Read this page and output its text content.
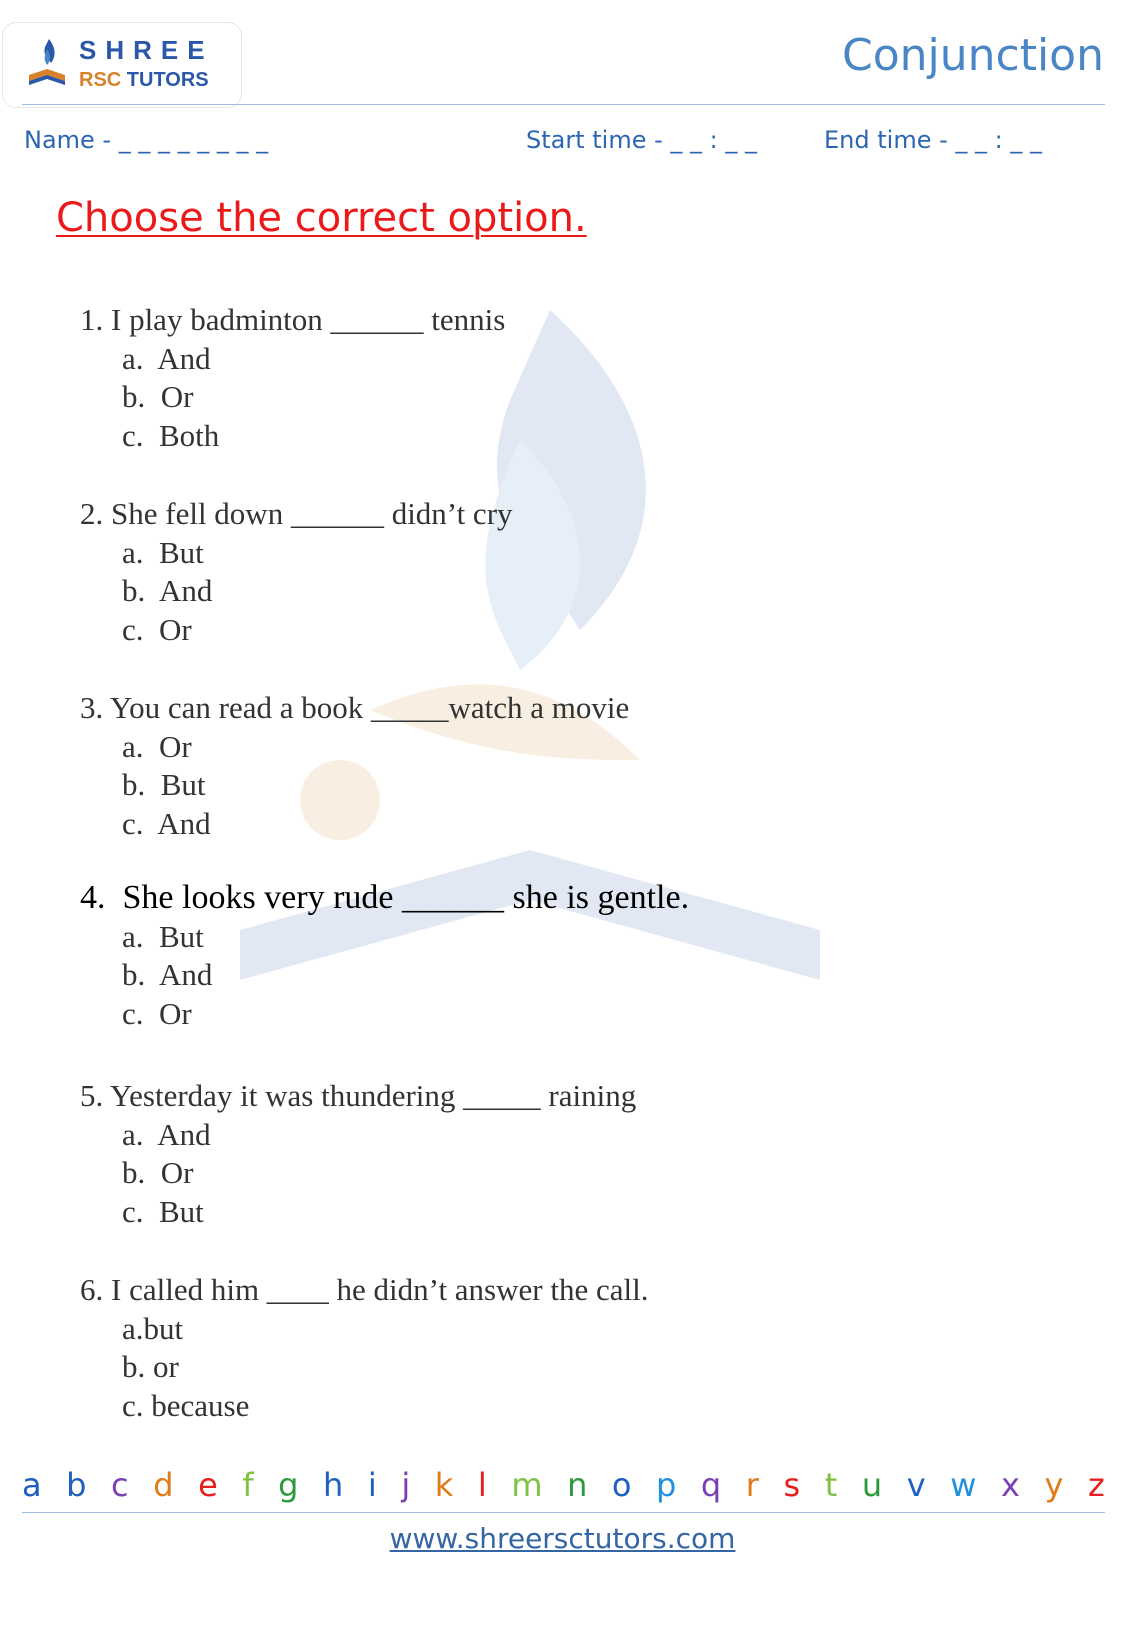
SHREE
RSC TUTORS	Conjunction
Name - _ _ _ _ _ _ _ _	Start time - _ _ : _ _	End time - _ _ : _ _
Choose the correct option.
1. I play badminton ______ tennis
a.  And
b.  Or
c.  Both
2. She fell down ______ didn’t cry
a.  But
b.  And
c.  Or
3. You can read a book _____watch a movie
a.  Or
b.  But
c.  And
4.  She looks very rude ______ she is gentle.
a.  But
b.  And
c.  Or
5. Yesterday it was thundering _____ raining
a.  And
b.  Or
c.  But
6. I called him ____ he didn’t answer the call.
a.but
b. or
c. because
a b c d e f g h i j k l m n o p q r s t u v w x y z
www.shreersctutors.com
